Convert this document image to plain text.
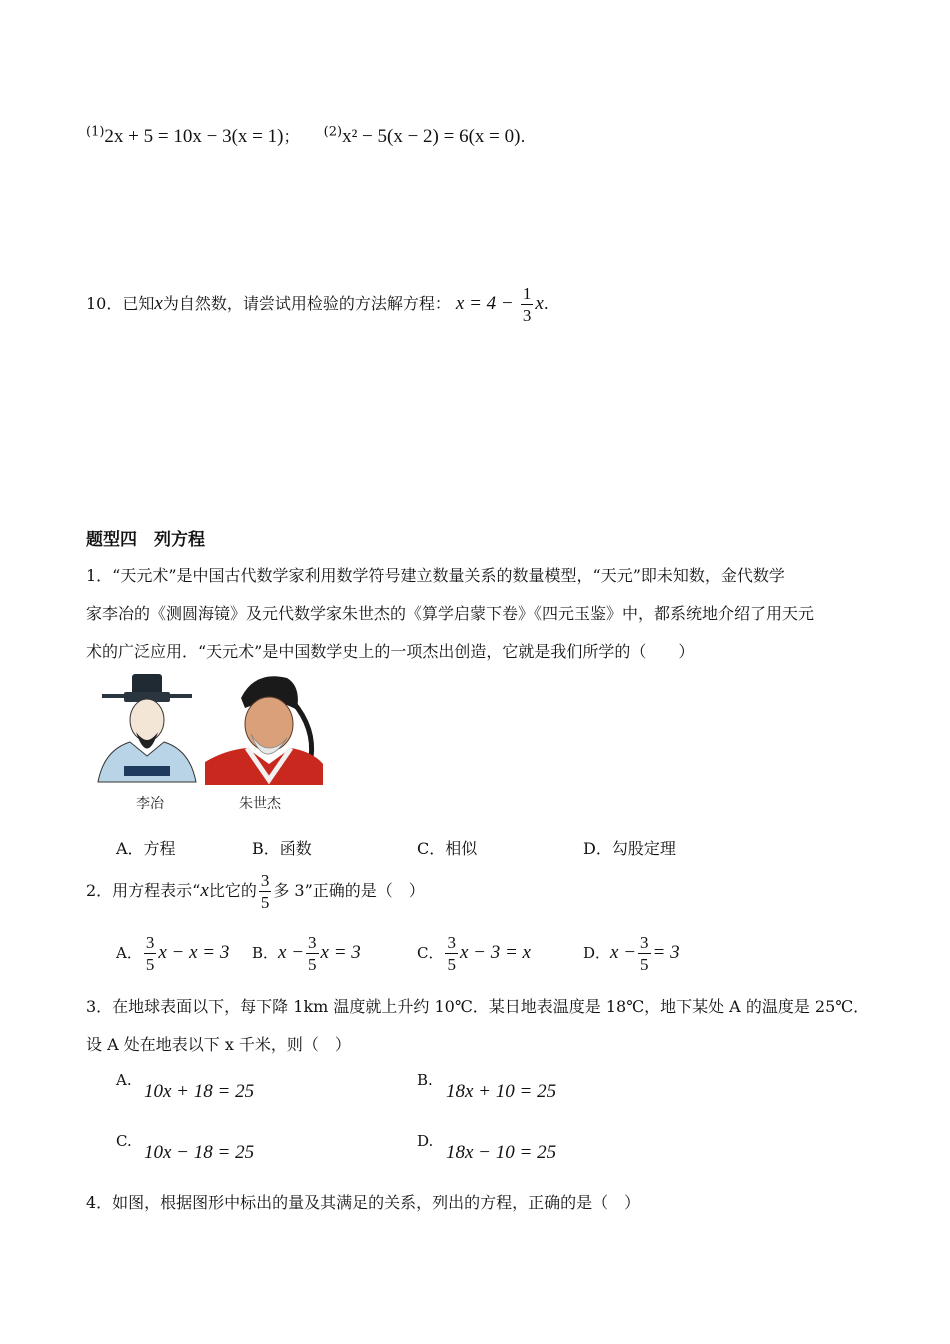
$^{(1)}$2x + 5 = 10x − 3(x = 1)； $^{(2)}$x² − 5(x − 2) = 6(x = 0).
10．已知x为自然数，请尝试用检验的方法解方程： $x = 4 - \frac{1}{3} x$.
题型四　列方程
1．“天元术”是中国古代数学家利用数学符号建立数量关系的数量模型，“天元”即未知数，金代数学
家李冶的《测圆海镜》及元代数学家朱世杰的《算学启蒙下卷》《四元玉鉴》中，都系统地介绍了用天元
术的广泛应用．“天元术”是中国数学史上的一项杰出创造，它就是我们所学的（　　）
李冶	朱世杰
A．方程	B．函数	C．相似	D．勾股定理
2．用方程表示“x比它的 $\frac{3}{5}$ 多 3”正确的是（　）
A． $\frac{3}{5}$ x − x = 3 B．$x - \frac{3}{5}$ x = 3	C． $\frac{3}{5}$ x − 3 = x	D．$x - \frac{3}{5} = 3$
3．在地球表面以下，每下降 1km 温度就上升约 10℃．某日地表温度是 18℃，地下某处 A 的温度是 25℃．
设 A 处在地表以下 x 千米，则（　）
A.
10x + 18 = 25
B.
18x + 10 = 25
C.
10x − 18 = 25
D.
18x − 10 = 25
4．如图，根据图形中标出的量及其满足的关系，列出的方程，正确的是（　）
